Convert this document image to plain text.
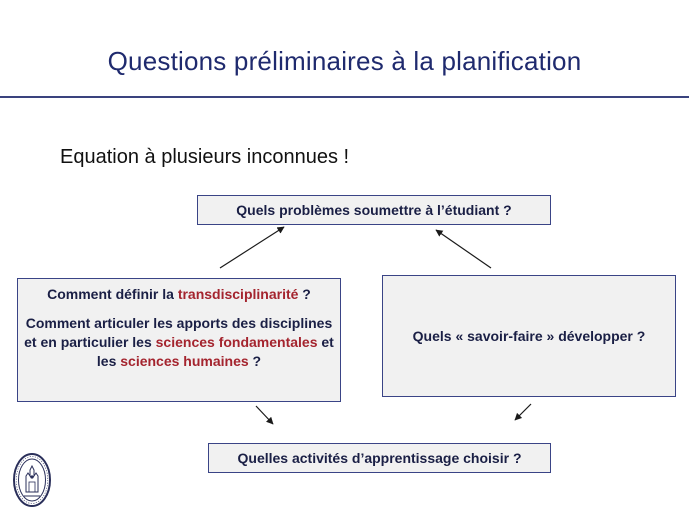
Questions préliminaires à la planification
Equation à plusieurs inconnues !
Quels problèmes soumettre à l’étudiant ?

Comment définir la transdisciplinarité ?

Comment articuler les apports des disciplines et en particulier les sciences fondamentales et les sciences humaines ?

Quels « savoir-faire » développer ?
Quelles activités d’apprentissage choisir ?
